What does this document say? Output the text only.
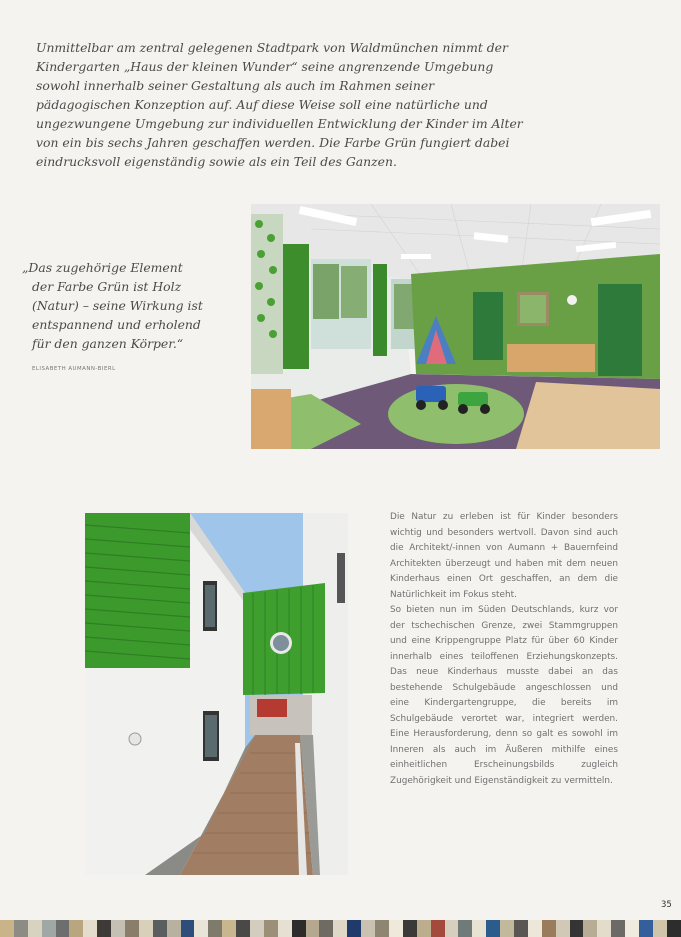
Unmittelbar am zentral gelegenen Stadtpark von Waldmünchen nimmt der Kindergarten „Haus der kleinen Wunder“ seine angrenzende Umgebung sowohl innerhalb seiner Gestaltung als auch im Rahmen seiner pädagogischen Konzeption auf. Auf diese Weise soll eine natürliche und ungezwungene Umgebung zur individuellen Entwicklung der Kinder im Alter von ein bis sechs Jahren geschaffen werden. Die Farbe Grün fungiert dabei eindrucksvoll eigenständig sowie als ein Teil des Ganzen.

„Das zugehörige Element
der Farbe Grün ist Holz
(Natur) – seine Wirkung ist
entspannend und erholend
für den ganzen Körper.“
ELISABETH AUMANN-BIERL

Die Natur zu erleben ist für Kinder besonders wichtig und besonders wertvoll. Davon sind auch die Architekt/-innen von Aumann + Bauernfeind Architekten überzeugt und haben mit dem neuen Kinderhaus einen Ort geschaffen, an dem die Natürlichkeit im Fokus steht.

So bieten nun im Süden Deutschlands, kurz vor der tschechischen Grenze, zwei Stammgruppen und eine Krippengruppe Platz für über 60 Kinder innerhalb eines teiloffenen Erziehungskonzepts. Das neue Kinderhaus musste dabei an das bestehende Schulgebäude angeschlossen und eine Kindergartengruppe, die bereits im Schulgebäude verortet war, integriert werden. Eine Herausforderung, denn so galt es sowohl im Inneren als auch im Äußeren mithilfe eines einheitlichen Erscheinungsbilds zugleich Zugehörigkeit und Eigenständigkeit zu vermitteln.

35
